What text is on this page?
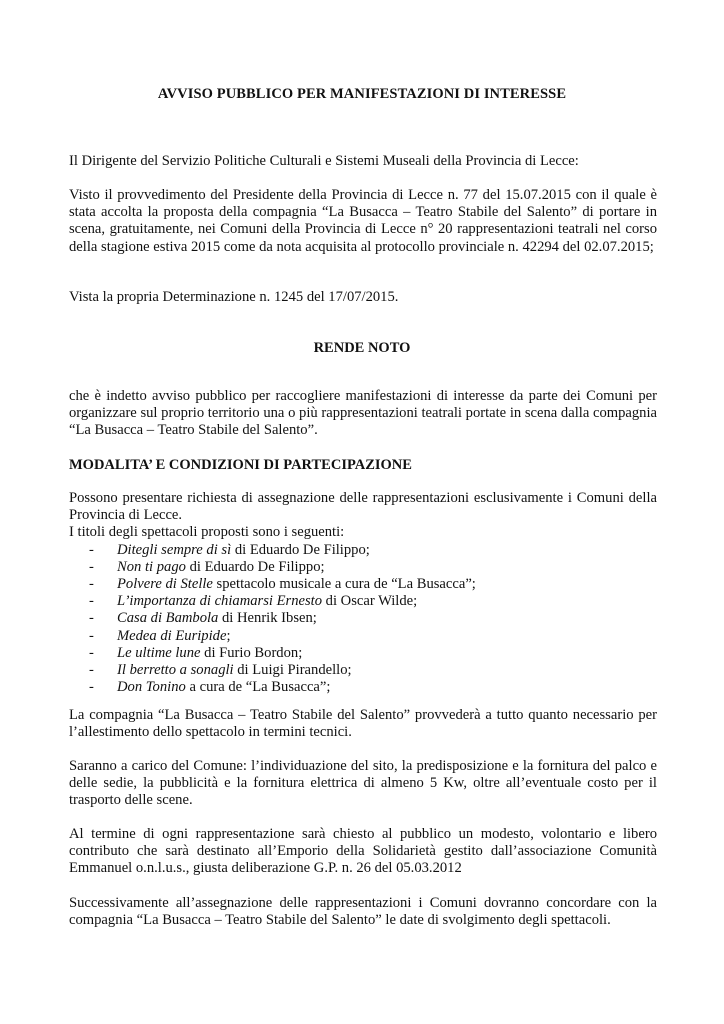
AVVISO PUBBLICO PER MANIFESTAZIONI DI INTERESSE

Il Dirigente del Servizio Politiche Culturali e Sistemi Museali della Provincia di Lecce:

Visto il provvedimento del Presidente della Provincia di Lecce n. 77 del 15.07.2015 con il quale è stata accolta la proposta della compagnia “La Busacca – Teatro Stabile del Salento” di portare in scena, gratuitamente, nei Comuni della Provincia di Lecce n° 20 rappresentazioni teatrali nel corso della stagione estiva 2015 come da nota acquisita al protocollo provinciale n. 42294 del 02.07.2015;

Vista la propria Determinazione n. 1245 del 17/07/2015.

RENDE NOTO

che è indetto avviso pubblico per raccogliere manifestazioni di interesse da parte dei Comuni per organizzare sul proprio territorio una o più rappresentazioni teatrali portate in scena dalla compagnia “La Busacca – Teatro Stabile del Salento”.

MODALITA’ E CONDIZIONI DI PARTECIPAZIONE

Possono presentare richiesta di assegnazione delle rappresentazioni esclusivamente i Comuni della Provincia di Lecce.

I titoli degli spettacoli proposti sono i seguenti:

- Ditegli sempre di sì di Eduardo De Filippo;
- Non ti pago di Eduardo De Filippo;
- Polvere di Stelle spettacolo musicale a cura de “La Busacca”;
- L’importanza di chiamarsi Ernesto di Oscar Wilde;
- Casa di Bambola di Henrik Ibsen;
- Medea di Euripide;
- Le ultime lune di Furio Bordon;
- Il berretto a sonagli di Luigi Pirandello;
- Don Tonino a cura de “La Busacca”;

La compagnia “La Busacca – Teatro Stabile del Salento” provvederà a tutto quanto necessario per l’allestimento dello spettacolo in termini tecnici.

Saranno a carico del Comune: l’individuazione del sito, la predisposizione e la fornitura del palco e delle sedie, la pubblicità e la fornitura elettrica di almeno 5 Kw, oltre all’eventuale costo per il trasporto delle scene.

Al termine di ogni rappresentazione sarà chiesto al pubblico un modesto, volontario e libero contributo che sarà destinato all’Emporio della Solidarietà gestito dall’associazione Comunità Emmanuel o.n.l.u.s., giusta deliberazione G.P. n. 26 del 05.03.2012

Successivamente all’assegnazione delle rappresentazioni i Comuni dovranno concordare con la compagnia “La Busacca – Teatro Stabile del Salento” le date di svolgimento degli spettacoli.
